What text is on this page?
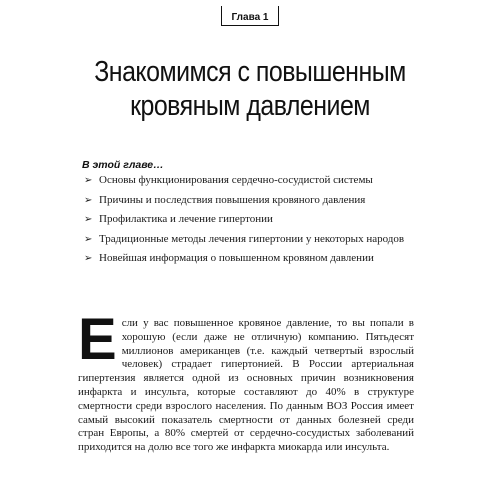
Глава 1
Знакомимся с повышенным
кровяным давлением
В этой главе…
➢ Основы функционирования сердечно-сосудистой системы
➢ Причины и последствия повышения кровяного давления
➢ Профилактика и лечение гипертонии
➢ Традиционные методы лечения гипертонии у некоторых народов
➢ Новейшая информация о повышенном кровяном давлении
Е сли у вас повышенное кровяное давление, то вы попали в хорошую (если даже не отличную) компанию. Пятьдесят миллионов американцев (т.е. каждый четвертый взрослый человек) страдает гипертонией. В России артериальная гипертензия является одной из основных причин возникновения инфаркта и инсульта, которые составляют до 40% в структуре смертности среди взрослого населения. По данным ВОЗ Россия имеет самый высокий показатель смертности от данных болезней среди стран Европы, а 80% смертей от сердечно-сосудистых заболеваний приходится на долю все того же инфаркта миокарда или инсульта.
